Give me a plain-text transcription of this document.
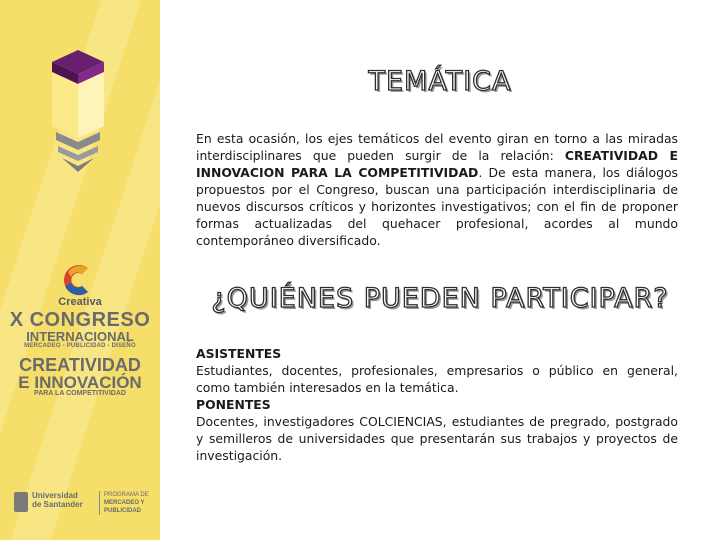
Creativa
X CONGRESO
INTERNACIONAL
MERCADEO - PUBLICIDAD - DISEÑO
CREATIVIDAD
E INNOVACIÓN
PARA LA COMPETITIVIDAD
Universidad
de Santander
PROGRAMA DE
MERCADEO Y
PUBLICIDAD
TEMÁTICA
En esta ocasión, los ejes temáticos del evento giran en torno a las miradas interdisciplinares que pueden surgir de la relación: CREATIVIDAD E INNOVACION PARA LA COMPETITIVIDAD. De esta manera, los diálogos propuestos por el Congreso, buscan una participación interdisciplinaria de nuevos discursos críticos y horizontes investigativos; con el fin de proponer formas actualizadas del quehacer profesional, acordes al mundo contemporáneo diversificado.
¿QUIÉNES PUEDEN PARTICIPAR?
ASISTENTES
Estudiantes, docentes, profesionales, empresarios o público en general, como también interesados en la temática.
PONENTES
Docentes, investigadores COLCIENCIAS, estudiantes de pregrado, postgrado y semilleros de universidades que presentarán sus trabajos y proyectos de investigación.
